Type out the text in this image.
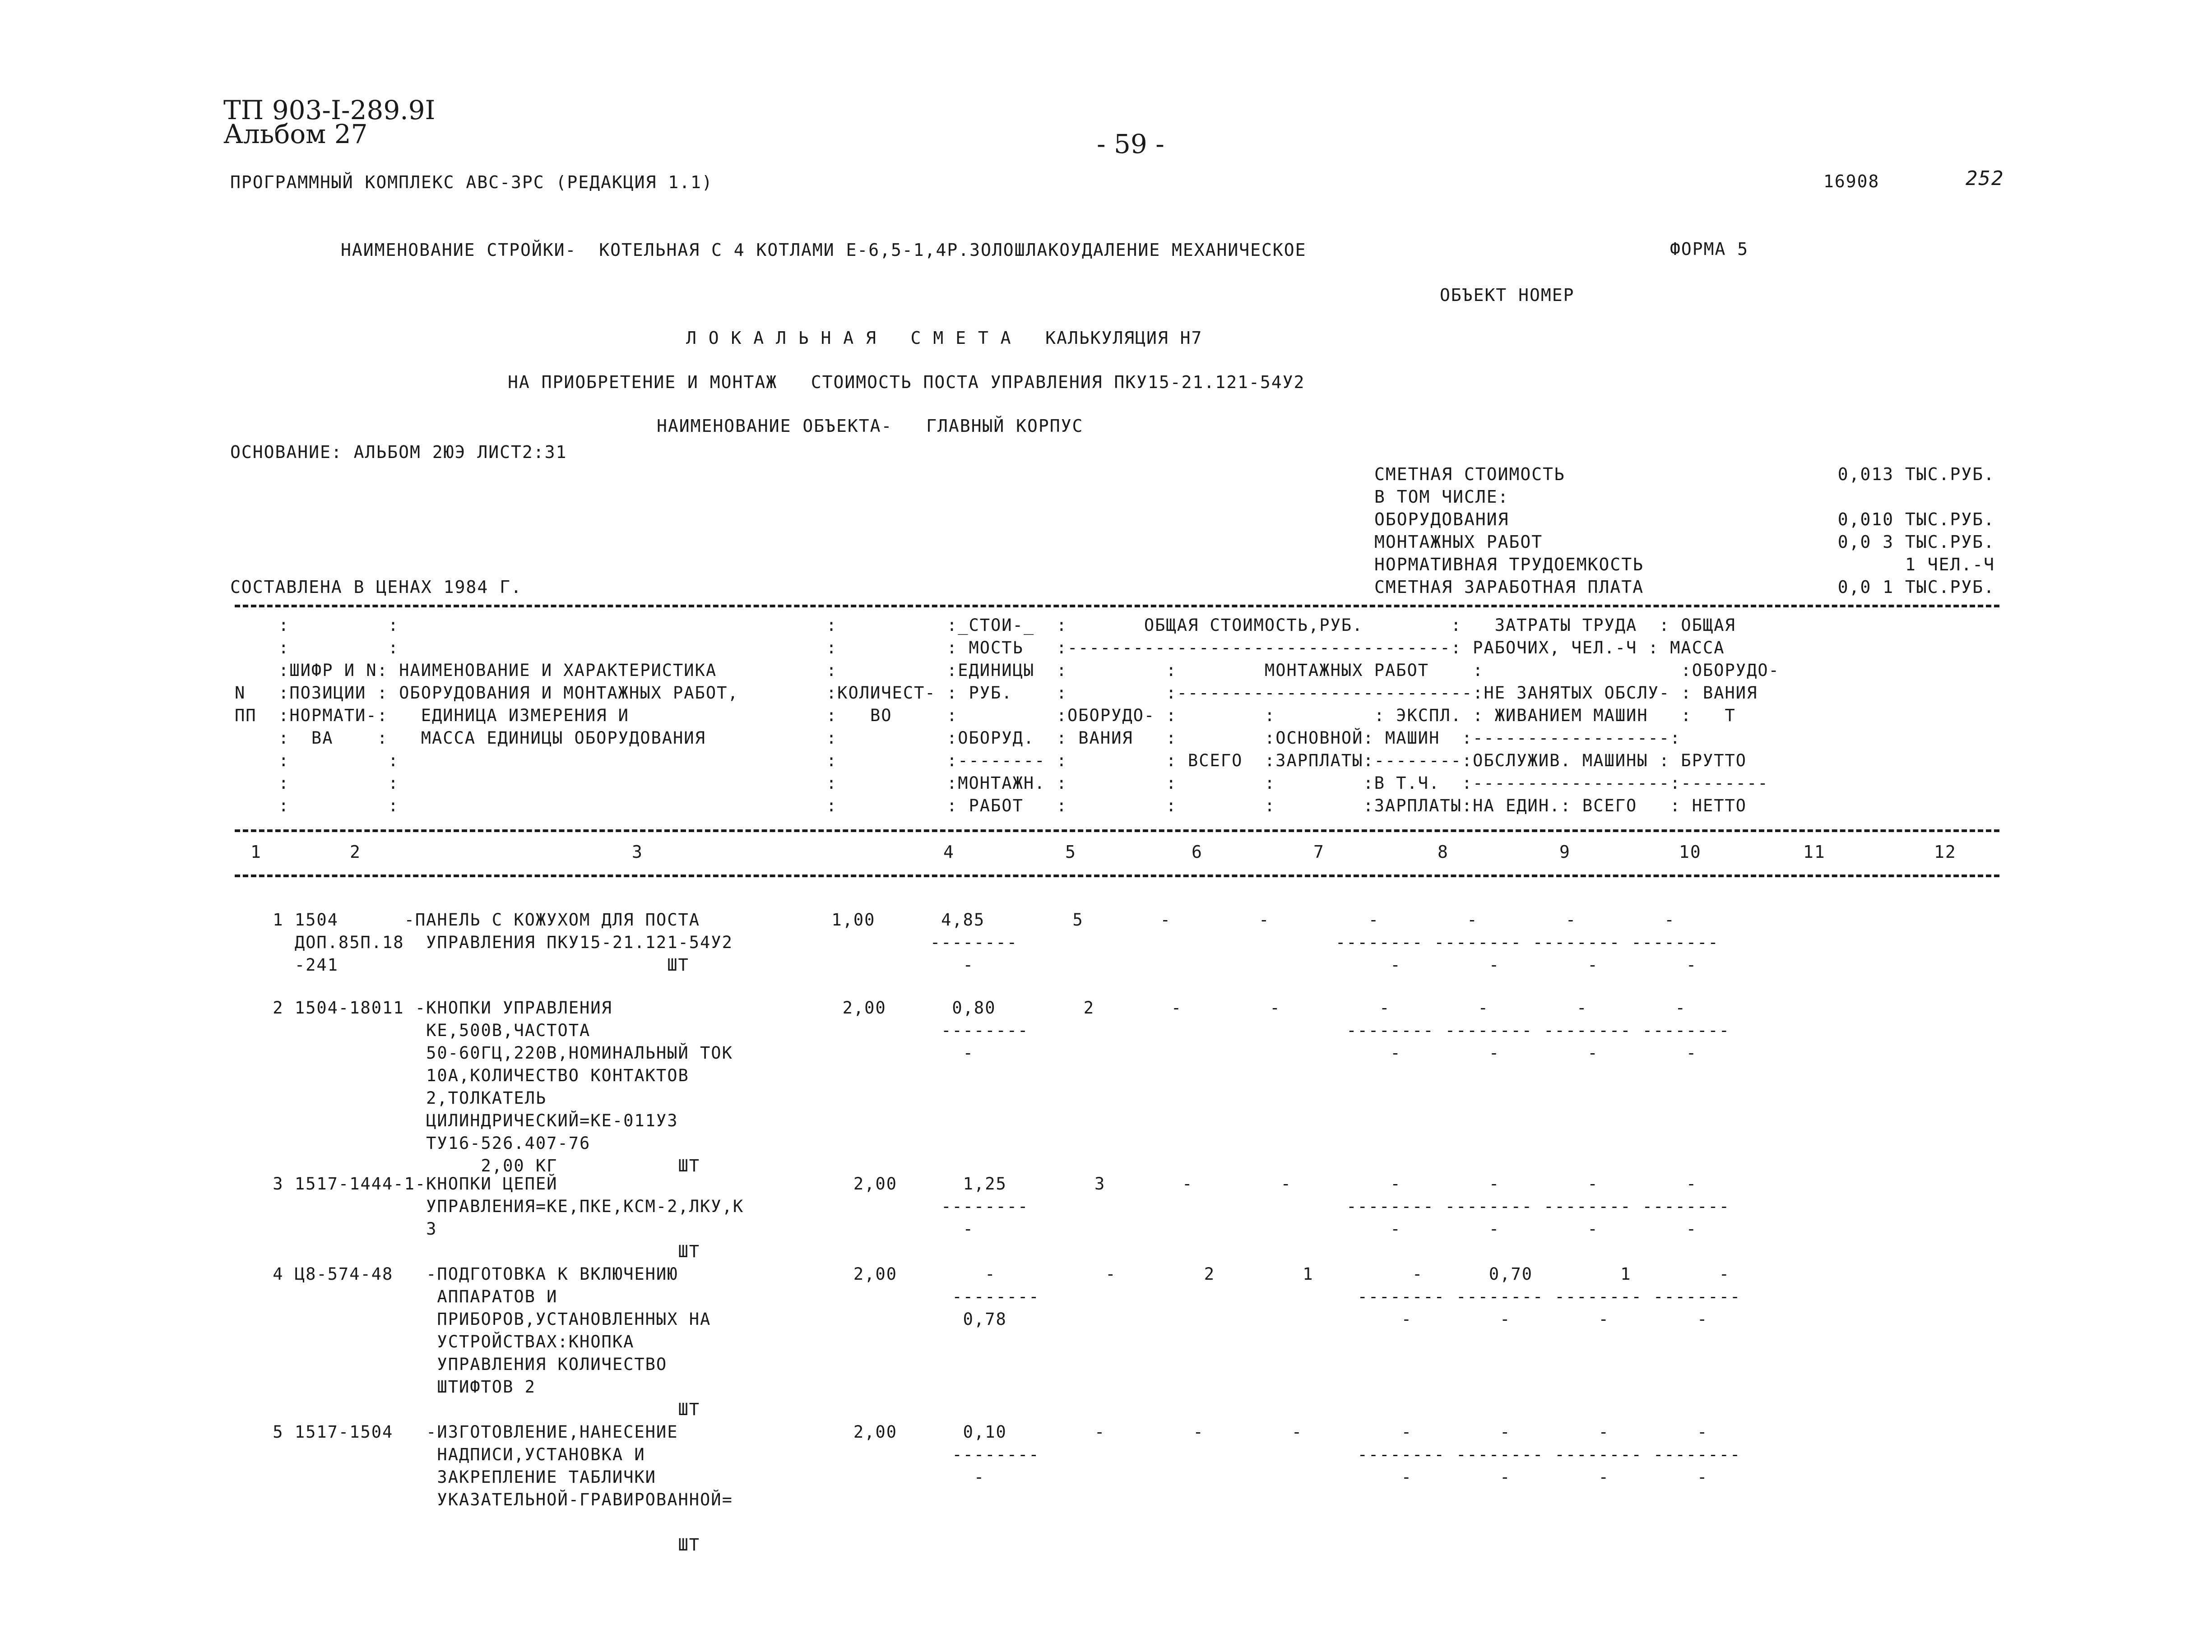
ТП 903-I-289.9I
Альбом 27	- 59 -
ПРОГРАММНЫЙ КОМПЛЕКС АВС-ЗРС (РЕДАКЦИЯ 1.1)	16908	252
НАИМЕНОВАНИЕ СТРОЙКИ-  КОТЕЛЬНАЯ С 4 КОТЛАМИ Е-6,5-1,4Р.ЗОЛОШЛАКОУДАЛЕНИЕ МЕХАНИЧЕСКОЕ	ФОРМА 5
ОБЪЕКТ НОМЕР
Л О К А Л Ь Н А Я   С М Е Т А   КАЛЬКУЛЯЦИЯ Н7
НА ПРИОБРЕТЕНИЕ И МОНТАЖ   СТОИМОСТЬ ПОСТА УПРАВЛЕНИЯ ПКУ15-21.121-54У2
НАИМЕНОВАНИЕ ОБЪЕКТА-   ГЛАВНЫЙ КОРПУС
ОСНОВАНИЕ: АЛЬБОМ 2ЮЭ ЛИСТ2:31
СМЕТНАЯ СТОИМОСТЬ	0,013 ТЫС.РУБ.
В ТОМ ЧИСЛЕ:
ОБОРУДОВАНИЯ	0,010 ТЫС.РУБ.
МОНТАЖНЫХ РАБОТ	0,0 3 ТЫС.РУБ.
НОРМАТИВНАЯ ТРУДОЕМКОСТЬ	1 ЧЕЛ.-Ч
СМЕТНАЯ ЗАРАБОТНАЯ ПЛАТА	0,0 1 ТЫС.РУБ.
СОСТАВЛЕНА В ЦЕНАХ 1984 Г.
:         :                                       :          :_СТОИ-_  :       ОБЩАЯ СТОИМОСТЬ,РУБ.        :   ЗАТРАТЫ ТРУДА  : ОБЩАЯ
:         :                                       :          : МОСТЬ   :-----------------------------------: РАБОЧИХ, ЧЕЛ.-Ч : МАССА
:ШИФР И N: НАИМЕНОВАНИЕ И ХАРАКТЕРИСТИКА          :          :ЕДИНИЦЫ  :         :        МОНТАЖНЫХ РАБОТ    :                  :ОБОРУДО-
N   :ПОЗИЦИИ : ОБОРУДОВАНИЯ И МОНТАЖНЫХ РАБОТ,        :КОЛИЧЕСТ- : РУБ.    :         :---------------------------:НЕ ЗАНЯТЫХ ОБСЛУ- : ВАНИЯ
ПП  :НОРМАТИ-:   ЕДИНИЦА ИЗМЕРЕНИЯ И                  :   ВО     :         :ОБОРУДО- :        :         : ЭКСПЛ. : ЖИВАНИЕМ МАШИН   :   Т
:  ВА    :   МАССА ЕДИНИЦЫ ОБОРУДОВАНИЯ           :          :ОБОРУД.  : ВАНИЯ   :        :ОСНОВНОЙ: МАШИН  :------------------:
:         :                                       :          :-------- :         : ВСЕГО  :ЗАРПЛАТЫ:--------:ОБСЛУЖИВ. МАШИНЫ : БРУТТО
:         :                                       :          :МОНТАЖН. :         :        :        :В Т.Ч.  :------------------:--------
:         :                                       :          : РАБОТ   :         :        :        :ЗАРПЛАТЫ:НА ЕДИН.: ВСЕГО   : НЕТТО
1	2	3	4	5	6	7	8	9	10	11	12
1 1504      -ПАНЕЛЬ С КОЖУХОМ ДЛЯ ПОСТА            1,00      4,85        5       -        -         -        -        -        -
ДОП.85П.18  УПРАВЛЕНИЯ ПКУ15-21.121-54У2                  --------                             -------- -------- -------- --------
-241                              ШТ                         -                                      -        -        -        -
2 1504-18011 -КНОПКИ УПРАВЛЕНИЯ                     2,00      0,80        2       -        -         -        -        -        -
КЕ,500В,ЧАСТОТА                                --------                             -------- -------- -------- --------
50-60ГЦ,220В,НОМИНАЛЬНЫЙ ТОК                     -                                      -        -        -        -
10А,КОЛИЧЕСТВО КОНТАКТОВ
2,ТОЛКАТЕЛЬ
ЦИЛИНДРИЧЕСКИЙ=КЕ-011У3
ТУ16-526.407-76
2,00 КГ           ШТ
3 1517-1444-1-КНОПКИ ЦЕПЕЙ                           2,00      1,25        3       -        -         -        -        -        -
УПРАВЛЕНИЯ=КЕ,ПКЕ,КСМ-2,ЛКУ,К                  --------                             -------- -------- -------- --------
3                                                -                                      -        -        -        -
ШТ
4 Ц8-574-48   -ПОДГОТОВКА К ВКЛЮЧЕНИЮ                2,00        -          -        2        1         -      0,70        1        -
АППАРАТОВ И                                    --------                             -------- -------- -------- --------
ПРИБОРОВ,УСТАНОВЛЕННЫХ НА                       0,78                                    -        -        -        -
УСТРОЙСТВАХ:КНОПКА
УПРАВЛЕНИЯ КОЛИЧЕСТВО
ШТИФТОВ 2
ШТ
5 1517-1504   -ИЗГОТОВЛЕНИЕ,НАНЕСЕНИЕ                2,00      0,10        -        -        -         -        -        -        -
НАДПИСИ,УСТАНОВКА И                            --------                             -------- -------- -------- --------
ЗАКРЕПЛЕНИЕ ТАБЛИЧКИ                             -                                      -        -        -        -
УКАЗАТЕЛЬНОЙ-ГРАВИРОВАННОЙ=
ШТ
